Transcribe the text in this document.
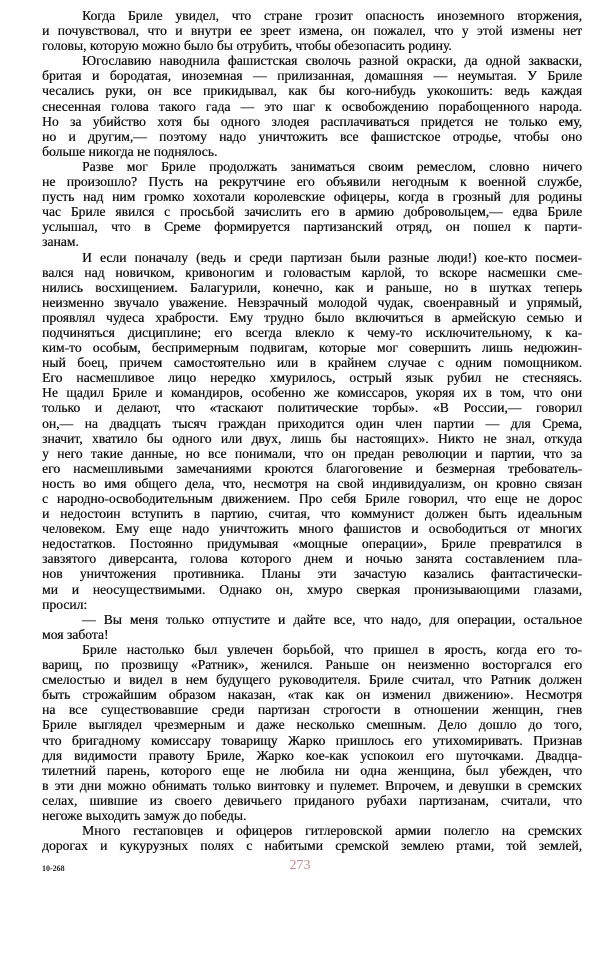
Когда Бриле увидел, что стране грозит опасность иноземного вторжения,
и почувствовал, что и внутри ее зреет измена, он пожалел, что у этой измены нет
головы, которую можно было бы отрубить, чтобы обезопасить родину.
Югославию наводнила фашистская сволочь разной окраски, да одной закваски,
бритая и бородатая, иноземная — прилизанная, домашняя — неумытая. У Бриле
чесались руки, он все прикидывал, как бы кого-нибудь укокошить: ведь каждая
снесенная голова такого гада — это шаг к освобождению порабощенного народа.
Но за убийство хотя бы одного злодея расплачиваться придется не только ему,
но и другим,— поэтому надо уничтожить все фашистское отродье, чтобы оно
больше никогда не поднялось.
Разве мог Бриле продолжать заниматься своим ремеслом, словно ничего
не произошло? Пусть на рекрутчине его объявили негодным к военной службе,
пусть над ним громко хохотали королевские офицеры, когда в грозный для родины
час Бриле явился с просьбой зачислить его в армию добровольцем,— едва Бриле
услышал, что в Среме формируется партизанский отряд, он пошел к парти-
занам.
И если поначалу (ведь и среди партизан были разные люди!) кое-кто посмеи-
вался над новичком, кривоногим и головастым карлой, то вскоре насмешки сме-
нились восхищением. Балагурили, конечно, как и раньше, но в шутках теперь
неизменно звучало уважение. Невзрачный молодой чудак, своенравный и упрямый,
проявлял чудеса храбрости. Ему трудно было включиться в армейскую семью и
подчиняться дисциплине; его всегда влекло к чему-то исключительному, к ка-
ким-то особым, беспримерным подвигам, которые мог совершить лишь недюжин-
ный боец, причем самостоятельно или в крайнем случае с одним помощником.
Его насмешливое лицо нередко хмурилось, острый язык рубил не стесняясь.
Не щадил Бриле и командиров, особенно же комиссаров, укоряя их в том, что они
только и делают, что «таскают политические торбы». «В России,— говорил
он,— на двадцать тысяч граждан приходится один член партии — для Срема,
значит, хватило бы одного или двух, лишь бы настоящих». Никто не знал, откуда
у него такие данные, но все понимали, что он предан революции и партии, что за
его насмешливыми замечаниями кроются благоговение и безмерная требователь-
ность во имя общего дела, что, несмотря на свой индивидуализм, он кровно связан
с народно-освободительным движением. Про себя Бриле говорил, что еще не дорос
и недостоин вступить в партию, считая, что коммунист должен быть идеальным
человеком. Ему еще надо уничтожить много фашистов и освободиться от многих
недостатков. Постоянно придумывая «мощные операции», Бриле превратился в
завзятого диверсанта, голова которого днем и ночью занята составлением пла-
нов уничтожения противника. Планы эти зачастую казались фантастически-
ми и неосуществимыми. Однако он, хмуро сверкая пронизывающими глазами,
просил:
— Вы меня только отпустите и дайте все, что надо, для операции, остальное
моя забота!
Бриле настолько был увлечен борьбой, что пришел в ярость, когда его то-
варищ, по прозвищу «Ратник», женился. Раньше он неизменно восторгался его
смелостью и видел в нем будущего руководителя. Бриле считал, что Ратник должен
быть строжайшим образом наказан, «так как он изменил движению». Несмотря
на все существовавшие среди партизан строгости в отношении женщин, гнев
Бриле выглядел чрезмерным и даже несколько смешным. Дело дошло до того,
что бригадному комиссару товарищу Жарко пришлось его утихомиривать. Признав
для видимости правоту Бриле, Жарко кое-как успокоил его шуточками. Двадца-
тилетний парень, которого еще не любила ни одна женщина, был убежден, что
в эти дни можно обнимать только винтовку и пулемет. Впрочем, и девушки в сремских
селах, шившие из своего девичьего приданого рубахи партизанам, считали, что
негоже выходить замуж до победы.
Много гестаповцев и офицеров гитлеровской армии полегло на сремских
дорогах и кукурузных полях с набитыми сремской землею ртами, той землей,
10-268	273
